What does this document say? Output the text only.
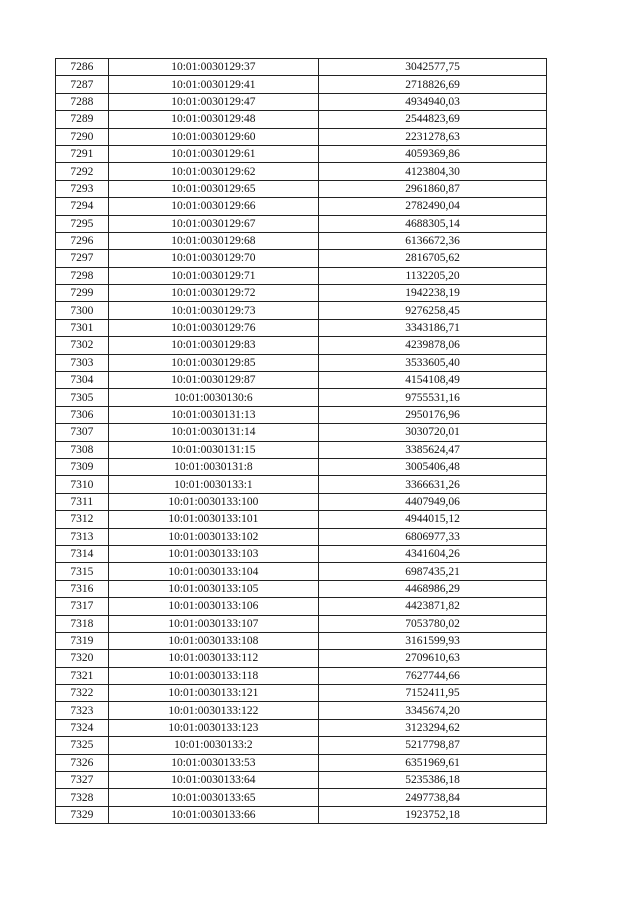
7286	10:01:0030129:37	3042577,75
7287	10:01:0030129:41	2718826,69
7288	10:01:0030129:47	4934940,03
7289	10:01:0030129:48	2544823,69
7290	10:01:0030129:60	2231278,63
7291	10:01:0030129:61	4059369,86
7292	10:01:0030129:62	4123804,30
7293	10:01:0030129:65	2961860,87
7294	10:01:0030129:66	2782490,04
7295	10:01:0030129:67	4688305,14
7296	10:01:0030129:68	6136672,36
7297	10:01:0030129:70	2816705,62
7298	10:01:0030129:71	1132205,20
7299	10:01:0030129:72	1942238,19
7300	10:01:0030129:73	9276258,45
7301	10:01:0030129:76	3343186,71
7302	10:01:0030129:83	4239878,06
7303	10:01:0030129:85	3533605,40
7304	10:01:0030129:87	4154108,49
7305	10:01:0030130:6	9755531,16
7306	10:01:0030131:13	2950176,96
7307	10:01:0030131:14	3030720,01
7308	10:01:0030131:15	3385624,47
7309	10:01:0030131:8	3005406,48
7310	10:01:0030133:1	3366631,26
7311	10:01:0030133:100	4407949,06
7312	10:01:0030133:101	4944015,12
7313	10:01:0030133:102	6806977,33
7314	10:01:0030133:103	4341604,26
7315	10:01:0030133:104	6987435,21
7316	10:01:0030133:105	4468986,29
7317	10:01:0030133:106	4423871,82
7318	10:01:0030133:107	7053780,02
7319	10:01:0030133:108	3161599,93
7320	10:01:0030133:112	2709610,63
7321	10:01:0030133:118	7627744,66
7322	10:01:0030133:121	7152411,95
7323	10:01:0030133:122	3345674,20
7324	10:01:0030133:123	3123294,62
7325	10:01:0030133:2	5217798,87
7326	10:01:0030133:53	6351969,61
7327	10:01:0030133:64	5235386,18
7328	10:01:0030133:65	2497738,84
7329	10:01:0030133:66	1923752,18
